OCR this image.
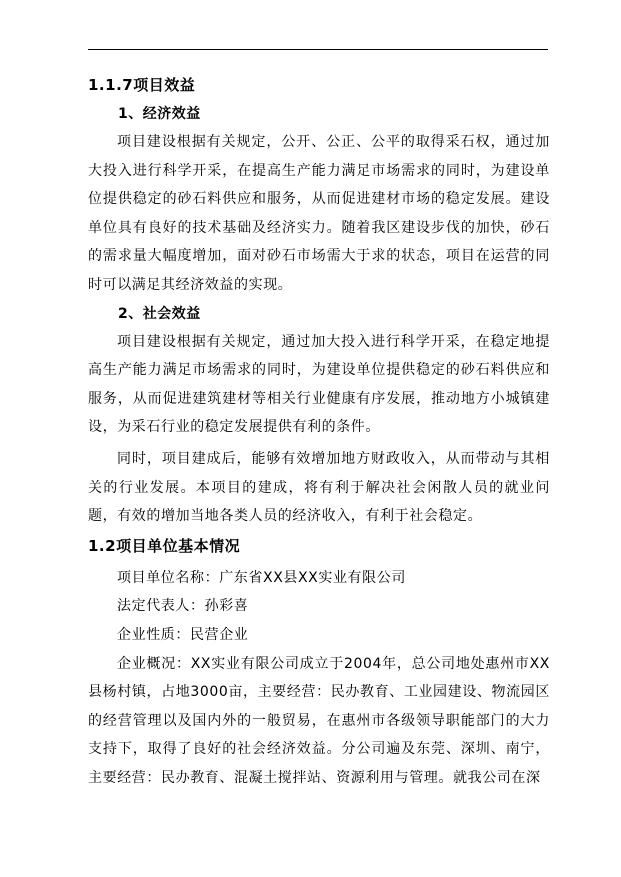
1.1.7项目效益

1、经济效益

项目建设根据有关规定，公开、公正、公平的取得采石权，通过加大投入进行科学开采，在提高生产能力满足市场需求的同时，为建设单位提供稳定的砂石料供应和服务，从而促进建材市场的稳定发展。建设单位具有良好的技术基础及经济实力。随着我区建设步伐的加快，砂石的需求量大幅度增加，面对砂石市场需大于求的状态，项目在运营的同时可以满足其经济效益的实现。

2、社会效益

项目建设根据有关规定，通过加大投入进行科学开采，在稳定地提高生产能力满足市场需求的同时，为建设单位提供稳定的砂石料供应和服务，从而促进建筑建材等相关行业健康有序发展，推动地方小城镇建设，为采石行业的稳定发展提供有利的条件。

同时，项目建成后，能够有效增加地方财政收入，从而带动与其相关的行业发展。本项目的建成，将有利于解决社会闲散人员的就业问题，有效的增加当地各类人员的经济收入，有利于社会稳定。

1.2项目单位基本情况

项目单位名称：广东省XX县XX实业有限公司

法定代表人：孙彩喜

企业性质：民营企业

企业概况：XX实业有限公司成立于2004年，总公司地处惠州市XX县杨村镇，占地3000亩，主要经营：民办教育、工业园建设、物流园区的经营管理以及国内外的一般贸易，在惠州市各级领导职能部门的大力支持下，取得了良好的社会经济效益。分公司遍及东莞、深圳、南宁，主要经营：民办教育、混凝土搅拌站、资源利用与管理。就我公司在深
